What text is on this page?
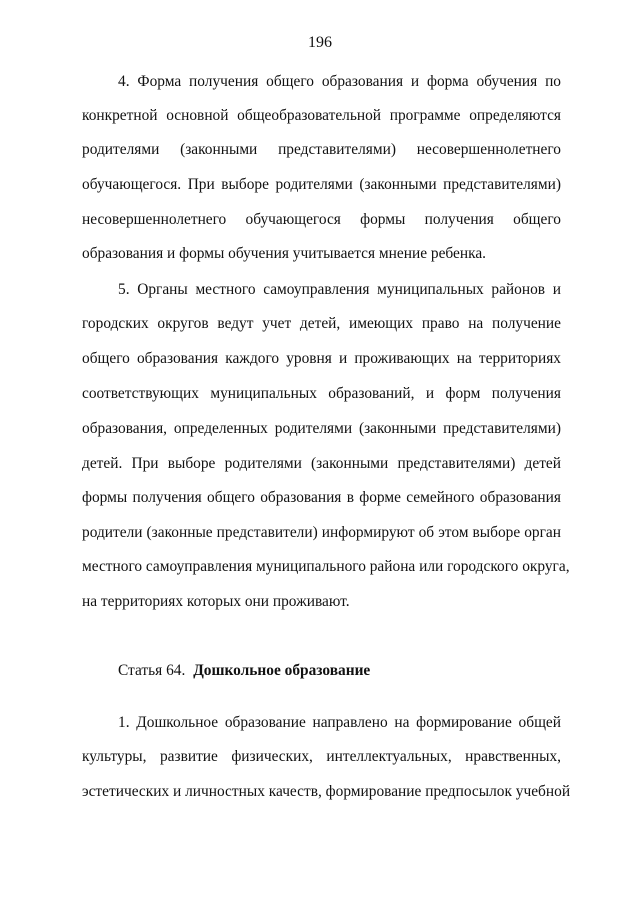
196
4. Форма получения общего образования и форма обучения по
конкретной основной общеобразовательной программе определяются
родителями (законными представителями) несовершеннолетнего
обучающегося. При выборе родителями (законными представителями)
несовершеннолетнего обучающегося формы получения общего
образования и формы обучения учитывается мнение ребенка.
5. Органы местного самоуправления муниципальных районов и
городских округов ведут учет детей, имеющих право на получение
общего образования каждого уровня и проживающих на территориях
соответствующих муниципальных образований, и форм получения
образования, определенных родителями (законными представителями)
детей. При выборе родителями (законными представителями) детей
формы получения общего образования в форме семейного образования
родители (законные представители) информируют об этом выборе орган
местного самоуправления муниципального района или городского округа,
на территориях которых они проживают.
Статья 64. Дошкольное образование
1. Дошкольное образование направлено на формирование общей
культуры, развитие физических, интеллектуальных, нравственных,
эстетических и личностных качеств, формирование предпосылок учебной
